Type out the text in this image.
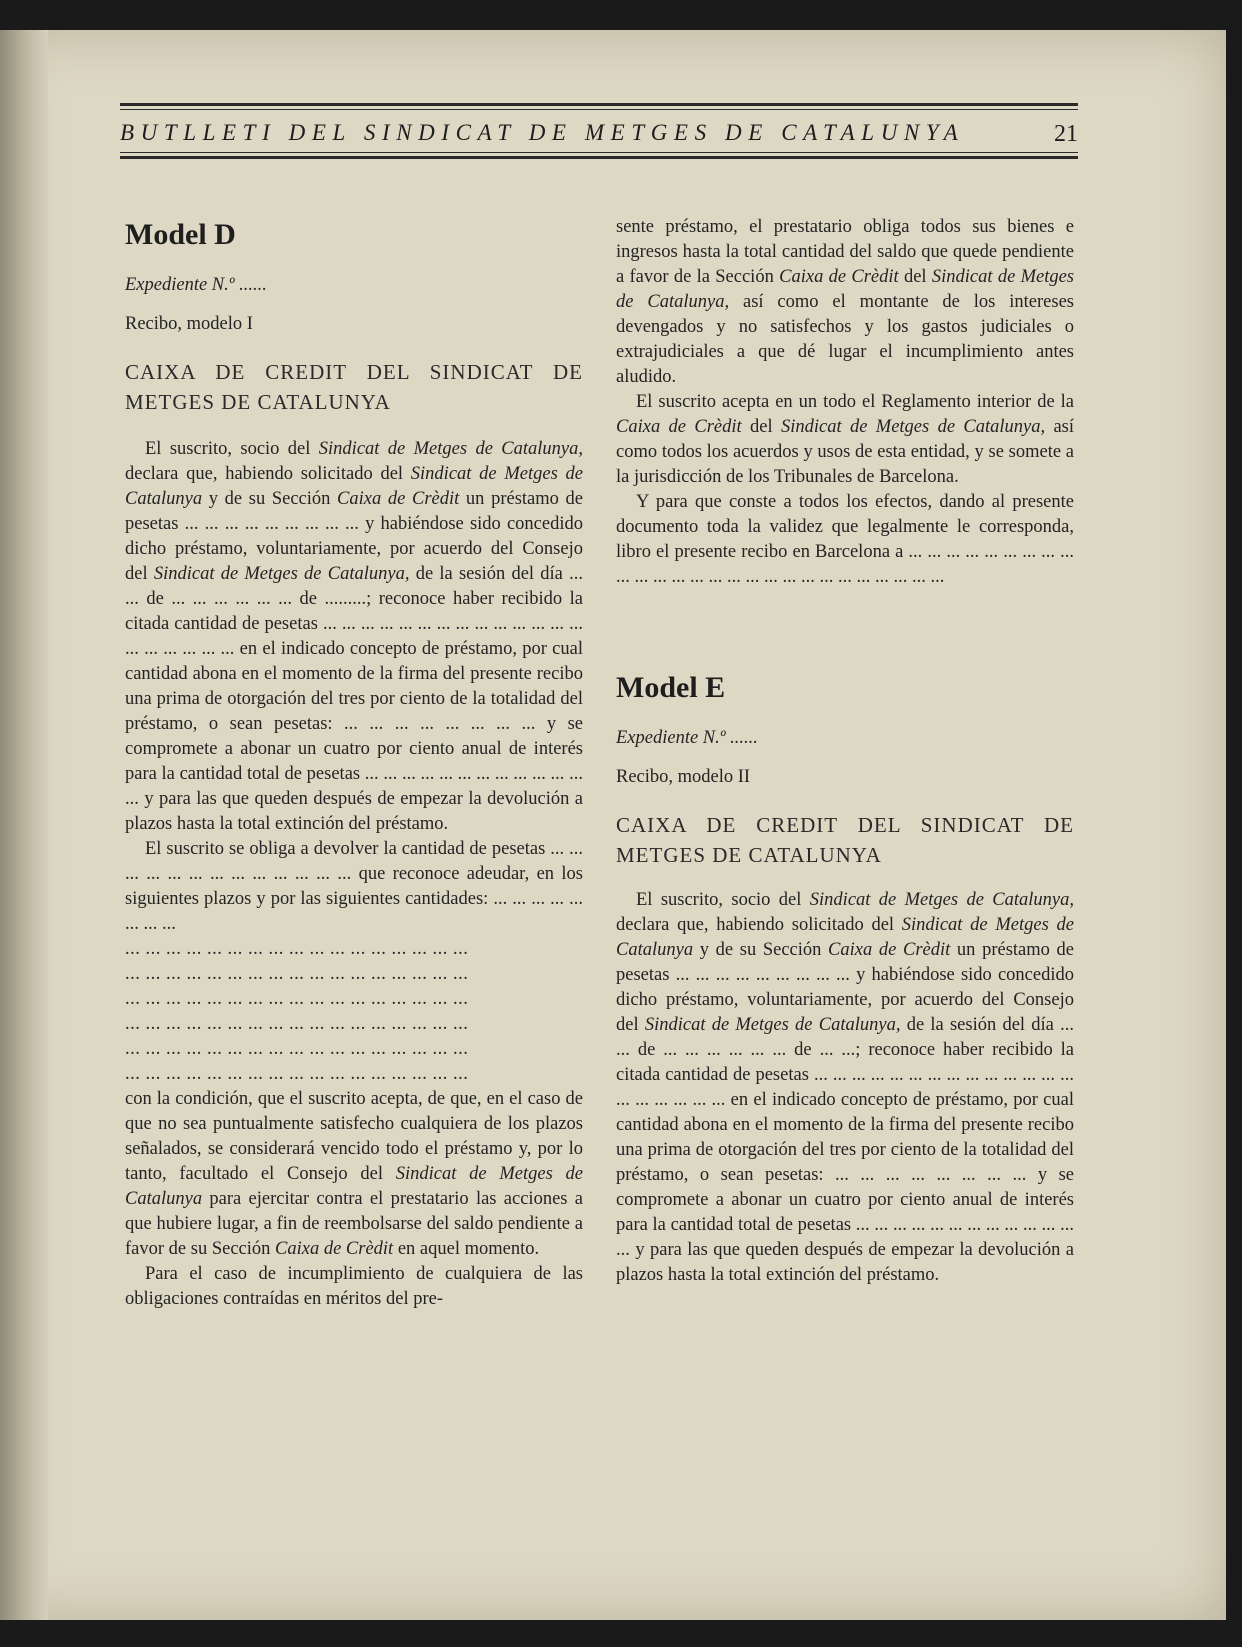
BUTLLETI DEL SINDICAT DE METGES DE CATALUNYA	21
Model D

Expediente N.º ......

Recibo, modelo I

CAIXA DE CREDIT DEL SINDICAT DE METGES DE CATALUNYA

El suscrito, socio del Sindicat de Metges de Catalunya, declara que, habiendo solicitado del Sindicat de Metges de Catalunya y de su Sección Caixa de Crèdit un préstamo de pesetas ... ... ... ... ... ... ... ... ... y habiéndose sido concedido dicho préstamo, voluntariamente, por acuerdo del Consejo del Sindicat de Metges de Catalunya, de la sesión del día ... ... de ... ... ... ... ... ... de .........; reconoce haber recibido la citada cantidad de pesetas ... ... ... ... ... ... ... ... ... ... ... ... ... ... ... ... ... ... ... ... en el indicado concepto de préstamo, por cual cantidad abona en el momento de la firma del presente recibo una prima de otorgación del tres por ciento de la totalidad del préstamo, o sean pesetas: ... ... ... ... ... ... ... ... y se compromete a abonar un cuatro por ciento anual de interés para la cantidad total de pesetas ... ... ... ... ... ... ... ... ... ... ... ... ... y para las que queden después de empezar la devolución a plazos hasta la total extinción del préstamo.

El suscrito se obliga a devolver la cantidad de pesetas ... ... ... ... ... ... ... ... ... ... ... ... ... que reconoce adeudar, en los siguientes plazos y por las siguientes cantidades: ... ... ... ... ... ... ... ...

... ... ... ... ... ... ... ... ... ... ... ... ... ... ... ... ...

... ... ... ... ... ... ... ... ... ... ... ... ... ... ... ... ...

... ... ... ... ... ... ... ... ... ... ... ... ... ... ... ... ...

... ... ... ... ... ... ... ... ... ... ... ... ... ... ... ... ...

... ... ... ... ... ... ... ... ... ... ... ... ... ... ... ... ...

... ... ... ... ... ... ... ... ... ... ... ... ... ... ... ... ...

con la condición, que el suscrito acepta, de que, en el caso de que no sea puntualmente satisfecho cualquiera de los plazos señalados, se considerará vencido todo el préstamo y, por lo tanto, facultado el Consejo del Sindicat de Metges de Catalunya para ejercitar contra el prestatario las acciones a que hubiere lugar, a fin de reembolsarse del saldo pendiente a favor de su Sección Caixa de Crèdit en aquel momento.

Para el caso de incumplimiento de cualquiera de las obligaciones contraídas en méritos del pre-

sente préstamo, el prestatario obliga todos sus bienes e ingresos hasta la total cantidad del saldo que quede pendiente a favor de la Sección Caixa de Crèdit del Sindicat de Metges de Catalunya, así como el montante de los intereses devengados y no satisfechos y los gastos judiciales o extrajudiciales a que dé lugar el incumplimiento antes aludido.

El suscrito acepta en un todo el Reglamento interior de la Caixa de Crèdit del Sindicat de Metges de Catalunya, así como todos los acuerdos y usos de esta entidad, y se somete a la jurisdicción de los Tribunales de Barcelona.

Y para que conste a todos los efectos, dando al presente documento toda la validez que legalmente le corresponda, libro el presente recibo en Barcelona a ... ... ... ... ... ... ... ... ... ... ... ... ... ... ... ... ... ... ... ... ... ... ... ... ... ... ...

Model E

Expediente N.º ......

Recibo, modelo II

CAIXA DE CREDIT DEL SINDICAT DE METGES DE CATALUNYA

El suscrito, socio del Sindicat de Metges de Catalunya, declara que, habiendo solicitado del Sindicat de Metges de Catalunya y de su Sección Caixa de Crèdit un préstamo de pesetas ... ... ... ... ... ... ... ... ... y habiéndose sido concedido dicho préstamo, voluntariamente, por acuerdo del Consejo del Sindicat de Metges de Catalunya, de la sesión del día ... ... de ... ... ... ... ... ... de ... ...; reconoce haber recibido la citada cantidad de pesetas ... ... ... ... ... ... ... ... ... ... ... ... ... ... ... ... ... ... ... ... en el indicado concepto de préstamo, por cual cantidad abona en el momento de la firma del presente recibo una prima de otorgación del tres por ciento de la totalidad del préstamo, o sean pesetas: ... ... ... ... ... ... ... ... y se compromete a abonar un cuatro por ciento anual de interés para la cantidad total de pesetas ... ... ... ... ... ... ... ... ... ... ... ... ... y para las que queden después de empezar la devolución a plazos hasta la total extinción del préstamo.
